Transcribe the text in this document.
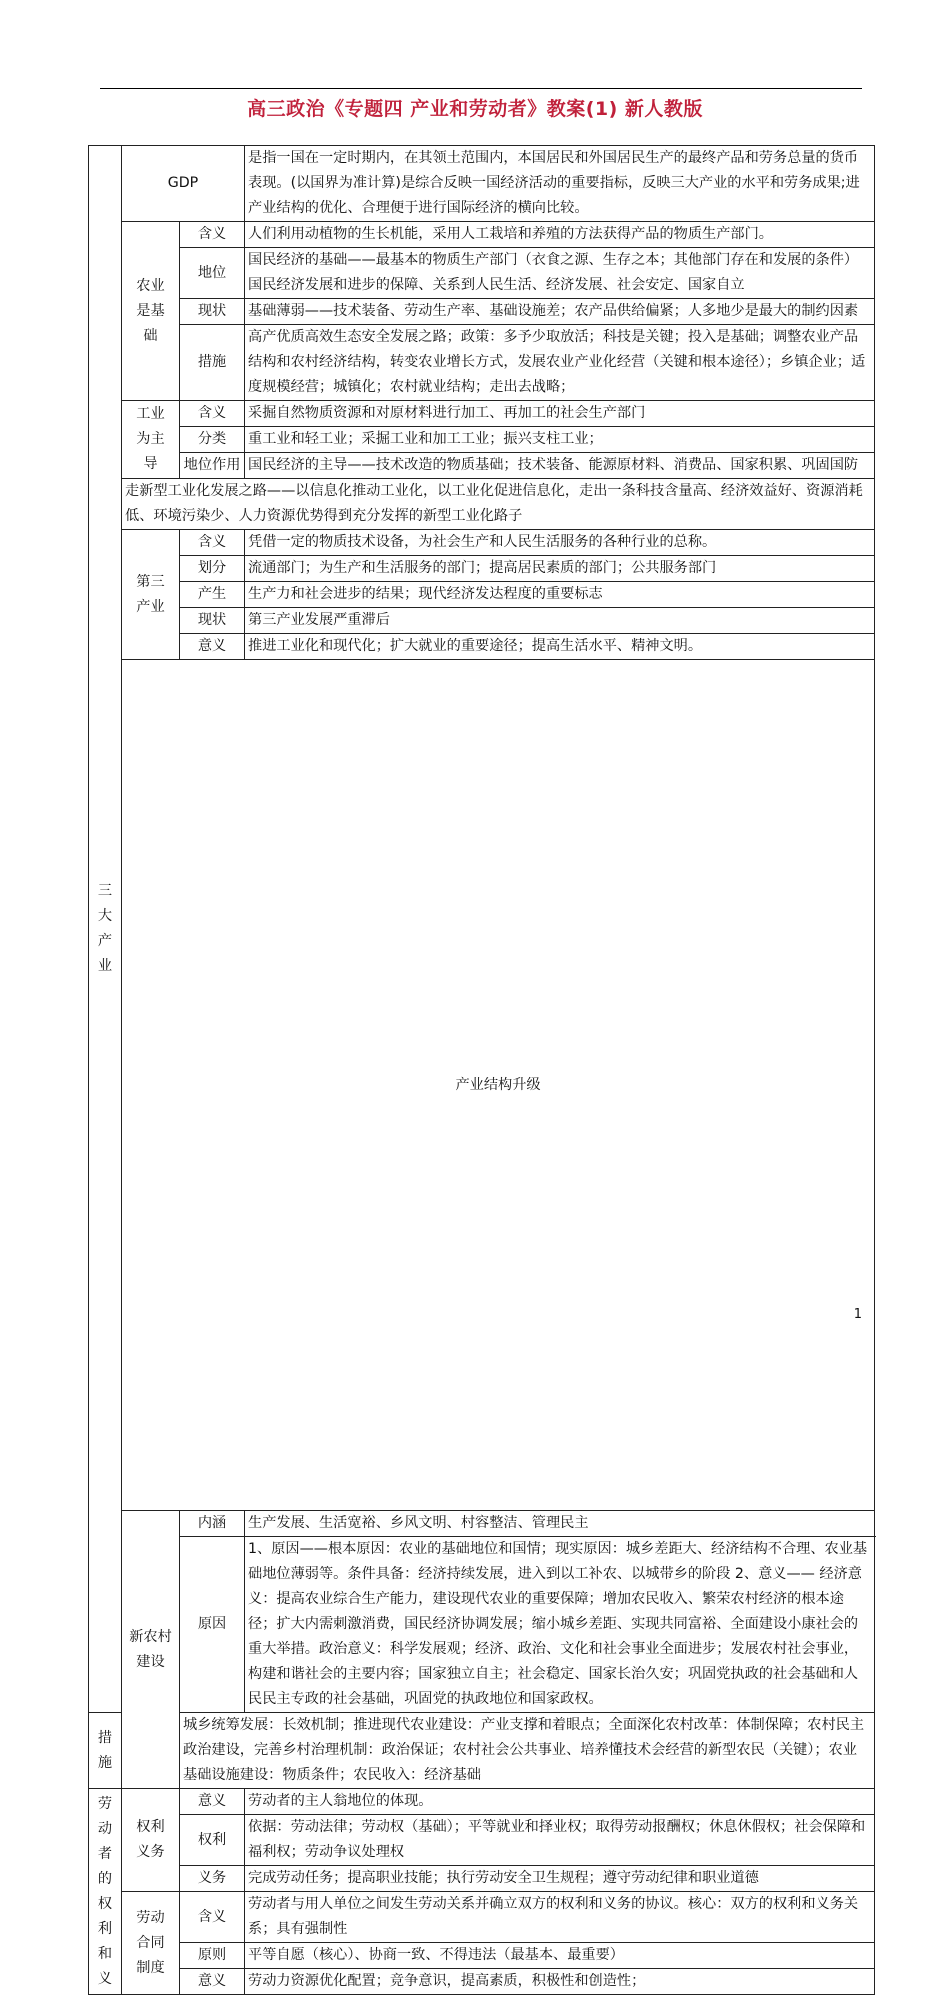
高三政治《专题四 产业和劳动者》教案(1) 新人教版
三大产业	GDP		是指一国在一定时期内，在其领土范围内，本国居民和外国居民生产的最终产品和劳务总量的货币表现。(以国界为准计算)是综合反映一国经济活动的重要指标，反映三大产业的水平和劳务成果;进产业结构的优化、合理便于进行国际经济的横向比较。	
	农业是基础	含义	人们利用动植物的生长机能，采用人工栽培和养殖的方法获得产品的物质生产部门。	
		地位	国民经济的基础——最基本的物质生产部门（衣食之源、生存之本；其他部门存在和发展的条件）国民经济发展和进步的保障、关系到人民生活、经济发展、社会安定、国家自立	
		现状	基础薄弱——技术装备、劳动生产率、基础设施差；农产品供给偏紧；人多地少是最大的制约因素	
		措施	高产优质高效生态安全发展之路；政策：多予少取放活；科技是关键；投入是基础；调整农业产品结构和农村经济结构，转变农业增长方式，发展农业产业化经营（关键和根本途径）；乡镇企业；适度规模经营；城镇化；农村就业结构；走出去战略；	
	工业为主导	含义	采掘自然物质资源和对原材料进行加工、再加工的社会生产部门	
		分类	重工业和轻工业；采掘工业和加工工业；振兴支柱工业；	
		地位作用	国民经济的主导——技术改造的物质基础；技术装备、能源原材料、消费品、国家积累、巩固国防	
	走新型工业化发展之路——以信息化推动工业化，以工业化促进信息化，走出一条科技含量高、经济效益好、资源消耗低、环境污染少、人力资源优势得到充分发挥的新型工业化路子			
	第三产业	含义	凭借一定的物质技术设备，为社会生产和人民生活服务的各种行业的总称。	
		划分	流通部门；为生产和生活服务的部门；提高居民素质的部门；公共服务部门	
		产生	生产力和社会进步的结果；现代经济发达程度的重要标志	
		现状	第三产业发展严重滞后	
		意义	推进工业化和现代化；扩大就业的重要途径；提高生活水平、精神文明。	
	产业结构升级	
	新农村建设	内涵	生产发展、生活宽裕、乡风文明、村容整洁、管理民主	
		原因	1、原因——根本原因：农业的基础地位和国情；现实原因：城乡差距大、经济结构不合理、农业基础地位薄弱等。条件具备：经济持续发展，进入到以工补农、以城带乡的阶段 2、意义—— 经济意义：提高农业综合生产能力，建设现代农业的重要保障；增加农民收入、繁荣农村经济的根本途径；扩大内需刺激消费，国民经济协调发展；缩小城乡差距、实现共同富裕、全面建设小康社会的重大举措。政治意义：科学发展观；经济、政治、文化和社会事业全面进步；发展农村社会事业，构建和谐社会的主要内容；国家独立自主；社会稳定、国家长治久安；巩固党执政的社会基础和人民民主专政的社会基础，巩固党的执政地位和国家政权。	
措施		城乡统筹发展：长效机制；推进现代农业建设：产业支撑和着眼点；全面深化农村改革：体制保障；农村民主政治建设，完善乡村治理机制：政治保证；农村社会公共事业、培养懂技术会经营的新型农民（关键）；农业基础设施建设：物质条件；农民收入：经济基础		
劳动者的权利和义	权利义务	意义	劳动者的主人翁地位的体现。	
		权利	依据：劳动法律；劳动权（基础）；平等就业和择业权；取得劳动报酬权；休息休假权；社会保障和福利权；劳动争议处理权	
		义务	完成劳动任务；提高职业技能；执行劳动安全卫生规程；遵守劳动纪律和职业道德	
	劳动合同制度	含义	劳动者与用人单位之间发生劳动关系并确立双方的权利和义务的协议。核心：双方的权利和义务关系；具有强制性	
		原则	平等自愿（核心）、协商一致、不得违法（最基本、最重要）	
		意义	劳动力资源优化配置；竞争意识，提高素质，积极性和创造性；	
1
